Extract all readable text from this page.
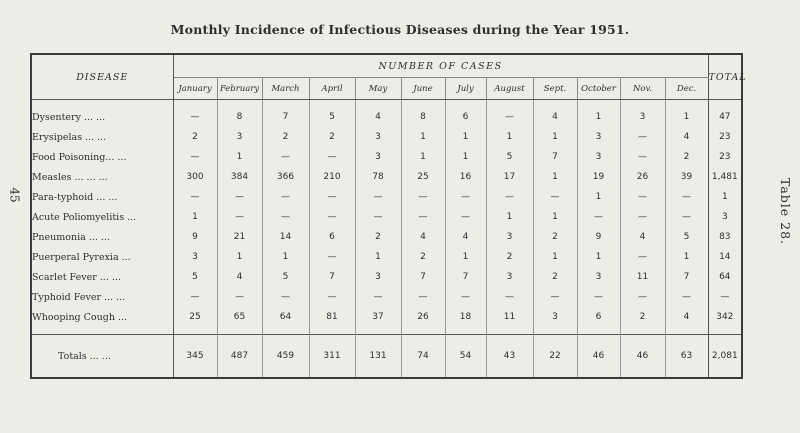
Monthly Incidence of Infectious Diseases during the Year 1951.
45	Table 28.
DISEASE	NUMBER OF CASES												TOTAL
	January	February	March	April	May	June	July	August	Sept.	October	Nov.	Dec.	

Dysentery ... ...	—	8	7	5	4	8	6	—	4	1	3	1	47
Erysipelas ... ...	2	3	2	2	3	1	1	1	1	3	—	4	23
Food Poisoning... ...	—	1	—	—	3	1	1	5	7	3	—	2	23
Measles ... ... ...	300	384	366	210	78	25	16	17	1	19	26	39	1,481
Para-typhoid ... ...	—	—	—	—	—	—	—	—	—	1	—	—	1
Acute Poliomyelitis ...	1	—	—	—	—	—	—	1	1	—	—	—	3
Pneumonia ... ...	9	21	14	6	2	4	4	3	2	9	4	5	83
Puerperal Pyrexia ...	3	1	1	—	1	2	1	2	1	1	—	1	14
Scarlet Fever ... ...	5	4	5	7	3	7	7	3	2	3	11	7	64
Typhoid Fever ... ...	—	—	—	—	—	—	—	—	—	—	—	—	—
Whooping Cough ...	25	65	64	81	37	26	18	11	3	6	2	4	342

Totals ... ...	345	487	459	311	131	74	54	43	22	46	46	63	2,081
